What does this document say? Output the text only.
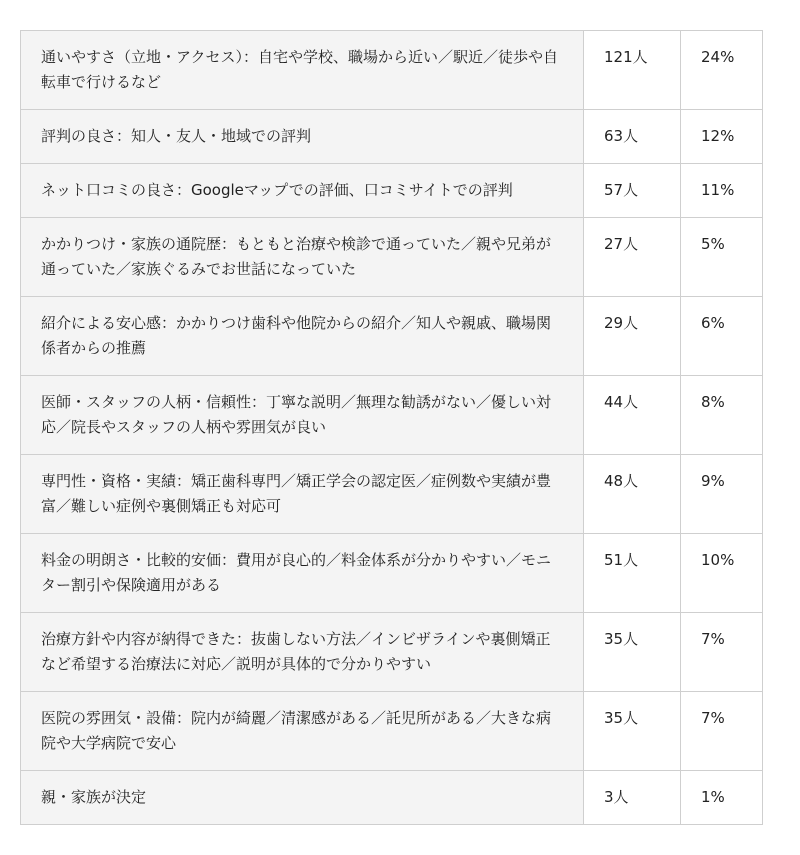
通いやすさ（立地・アクセス）：自宅や学校、職場から近い／駅近／徒歩や自転車で行けるなど	121人	24%
評判の良さ：知人・友人・地域での評判	63人	12%
ネット口コミの良さ：Googleマップでの評価、口コミサイトでの評判	57人	11%
かかりつけ・家族の通院歴：もともと治療や検診で通っていた／親や兄弟が通っていた／家族ぐるみでお世話になっていた	27人	5%
紹介による安心感：かかりつけ歯科や他院からの紹介／知人や親戚、職場関係者からの推薦	29人	6%
医師・スタッフの人柄・信頼性：丁寧な説明／無理な勧誘がない／優しい対応／院長やスタッフの人柄や雰囲気が良い	44人	8%
専門性・資格・実績：矯正歯科専門／矯正学会の認定医／症例数や実績が豊富／難しい症例や裏側矯正も対応可	48人	9%
料金の明朗さ・比較的安価：費用が良心的／料金体系が分かりやすい／モニター割引や保険適用がある	51人	10%
治療方針や内容が納得できた：抜歯しない方法／インビザラインや裏側矯正など希望する治療法に対応／説明が具体的で分かりやすい	35人	7%
医院の雰囲気・設備：院内が綺麗／清潔感がある／託児所がある／大きな病院や大学病院で安心	35人	7%
親・家族が決定	3人	1%
